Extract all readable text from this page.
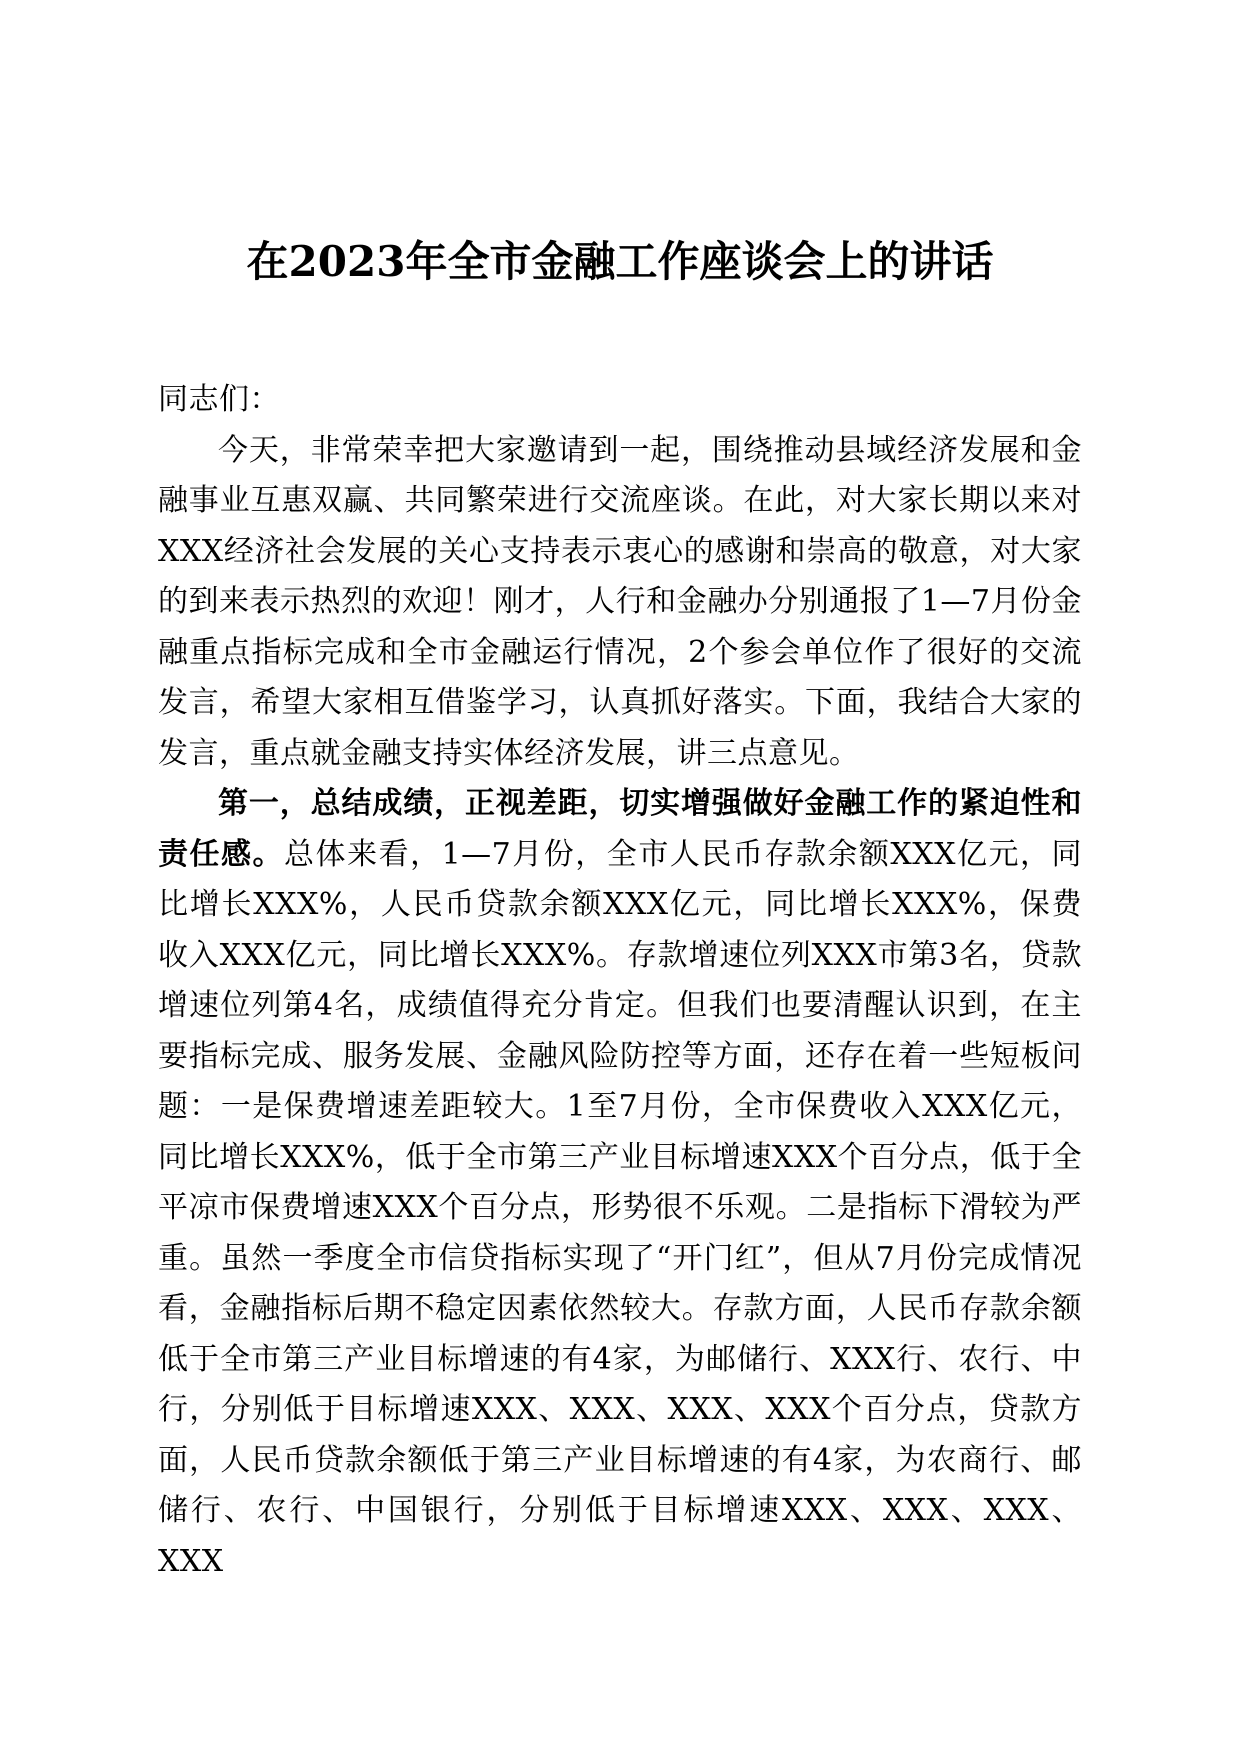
在2023年全市金融工作座谈会上的讲话

同志们：

今天，非常荣幸把大家邀请到一起，围绕推动县域经济发展和金融事业互惠双赢、共同繁荣进行交流座谈。在此，对大家长期以来对XXX经济社会发展的关心支持表示衷心的感谢和崇高的敬意，对大家的到来表示热烈的欢迎！刚才，人行和金融办分别通报了1—7月份金融重点指标完成和全市金融运行情况，2个参会单位作了很好的交流发言，希望大家相互借鉴学习，认真抓好落实。下面，我结合大家的发言，重点就金融支持实体经济发展，讲三点意见。

第一，总结成绩，正视差距，切实增强做好金融工作的紧迫性和责任感。总体来看，1—7月份，全市人民币存款余额XXX亿元，同比增长XXX%，人民币贷款余额XXX亿元，同比增长XXX%，保费收入XXX亿元，同比增长XXX%。存款增速位列XXX市第3名，贷款增速位列第4名，成绩值得充分肯定。但我们也要清醒认识到，在主要指标完成、服务发展、金融风险防控等方面，还存在着一些短板问题：一是保费增速差距较大。1至7月份，全市保费收入XXX亿元，同比增长XXX%，低于全市第三产业目标增速XXX个百分点，低于全平凉市保费增速XXX个百分点，形势很不乐观。二是指标下滑较为严重。虽然一季度全市信贷指标实现了“开门红”，但从7月份完成情况看，金融指标后期不稳定因素依然较大。存款方面，人民币存款余额低于全市第三产业目标增速的有4家，为邮储行、XXX行、农行、中行，分别低于目标增速XXX、XXX、XXX、XXX个百分点，贷款方面，人民币贷款余额低于第三产业目标增速的有4家，为农商行、邮储行、农行、中国银行，分别低于目标增速XXX、XXX、XXX、XXX
